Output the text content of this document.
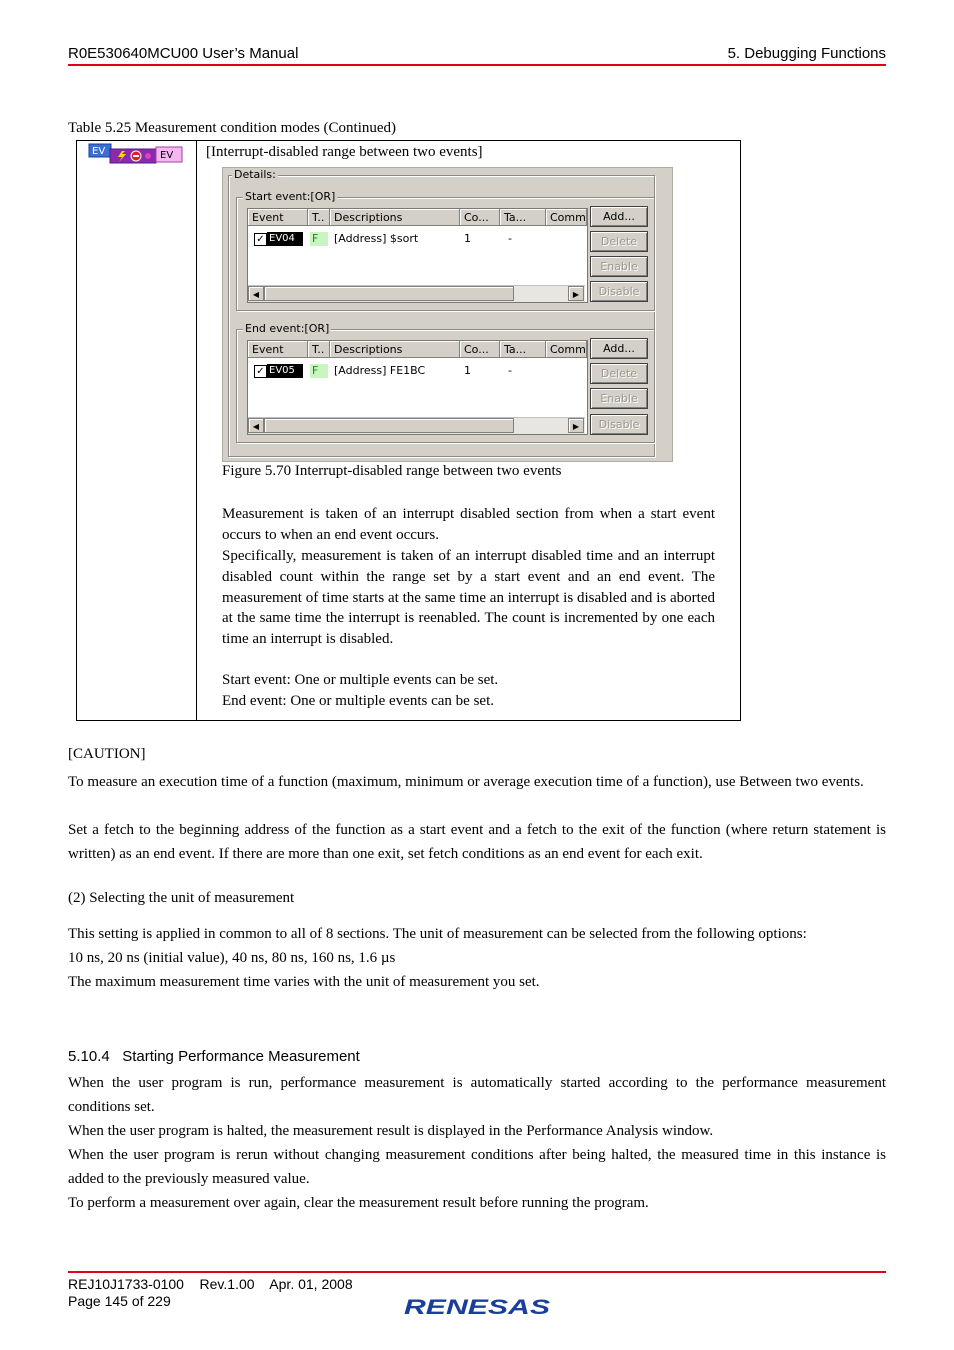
R0E530640MCU00 User’s Manual	5. Debugging Functions
Table 5.25 Measurement condition modes (Continued)
EV	EV [Interrupt-disabled range between two events]
Details:
Start event:[OR]
Event	T.. Descriptions	Co...	Ta...	Comm
✓ EV04	F	[Address] $sort	1	-
◀	▶
Add...
Delete
Enable
Disable
End event:[OR]
Event	T.. Descriptions	Co...	Ta...	Comm
✓ EV05	F	[Address] FE1BC	1	-
◀	▶
Add...
Delete
Enable
Disable
Figure 5.70 Interrupt-disabled range between two events
Measurement is taken of an interrupt disabled section from when a start event occurs to when an end event occurs.
Specifically, measurement is taken of an interrupt disabled time and an interrupt disabled count within the range set by a start event and an end event. The measurement of time starts at the same time an interrupt is disabled and is aborted at the same time the interrupt is reenabled. The count is incremented by one each time an interrupt is disabled.
Start event: One or multiple events can be set.
End event: One or multiple events can be set.
[CAUTION]
To measure an execution time of a function (maximum, minimum or average execution time of a function), use Between two events.
Set a fetch to the beginning address of the function as a start event and a fetch to the exit of the function (where return statement is written) as an end event. If there are more than one exit, set fetch conditions as an end event for each exit.
(2) Selecting the unit of measurement
This setting is applied in common to all of 8 sections. The unit of measurement can be selected from the following options:
10 ns, 20 ns (initial value), 40 ns, 80 ns, 160 ns, 1.6 µs
The maximum measurement time varies with the unit of measurement you set.
5.10.4   Starting Performance Measurement
When the user program is run, performance measurement is automatically started according to the performance measurement conditions set.
When the user program is halted, the measurement result is displayed in the Performance Analysis window.
When the user program is rerun without changing measurement conditions after being halted, the measured time in this instance is added to the previously measured value.
To perform a measurement over again, clear the measurement result before running the program.
REJ10J1733-0100    Rev.1.00    Apr. 01, 2008
Page 145 of 229	RENESAS
